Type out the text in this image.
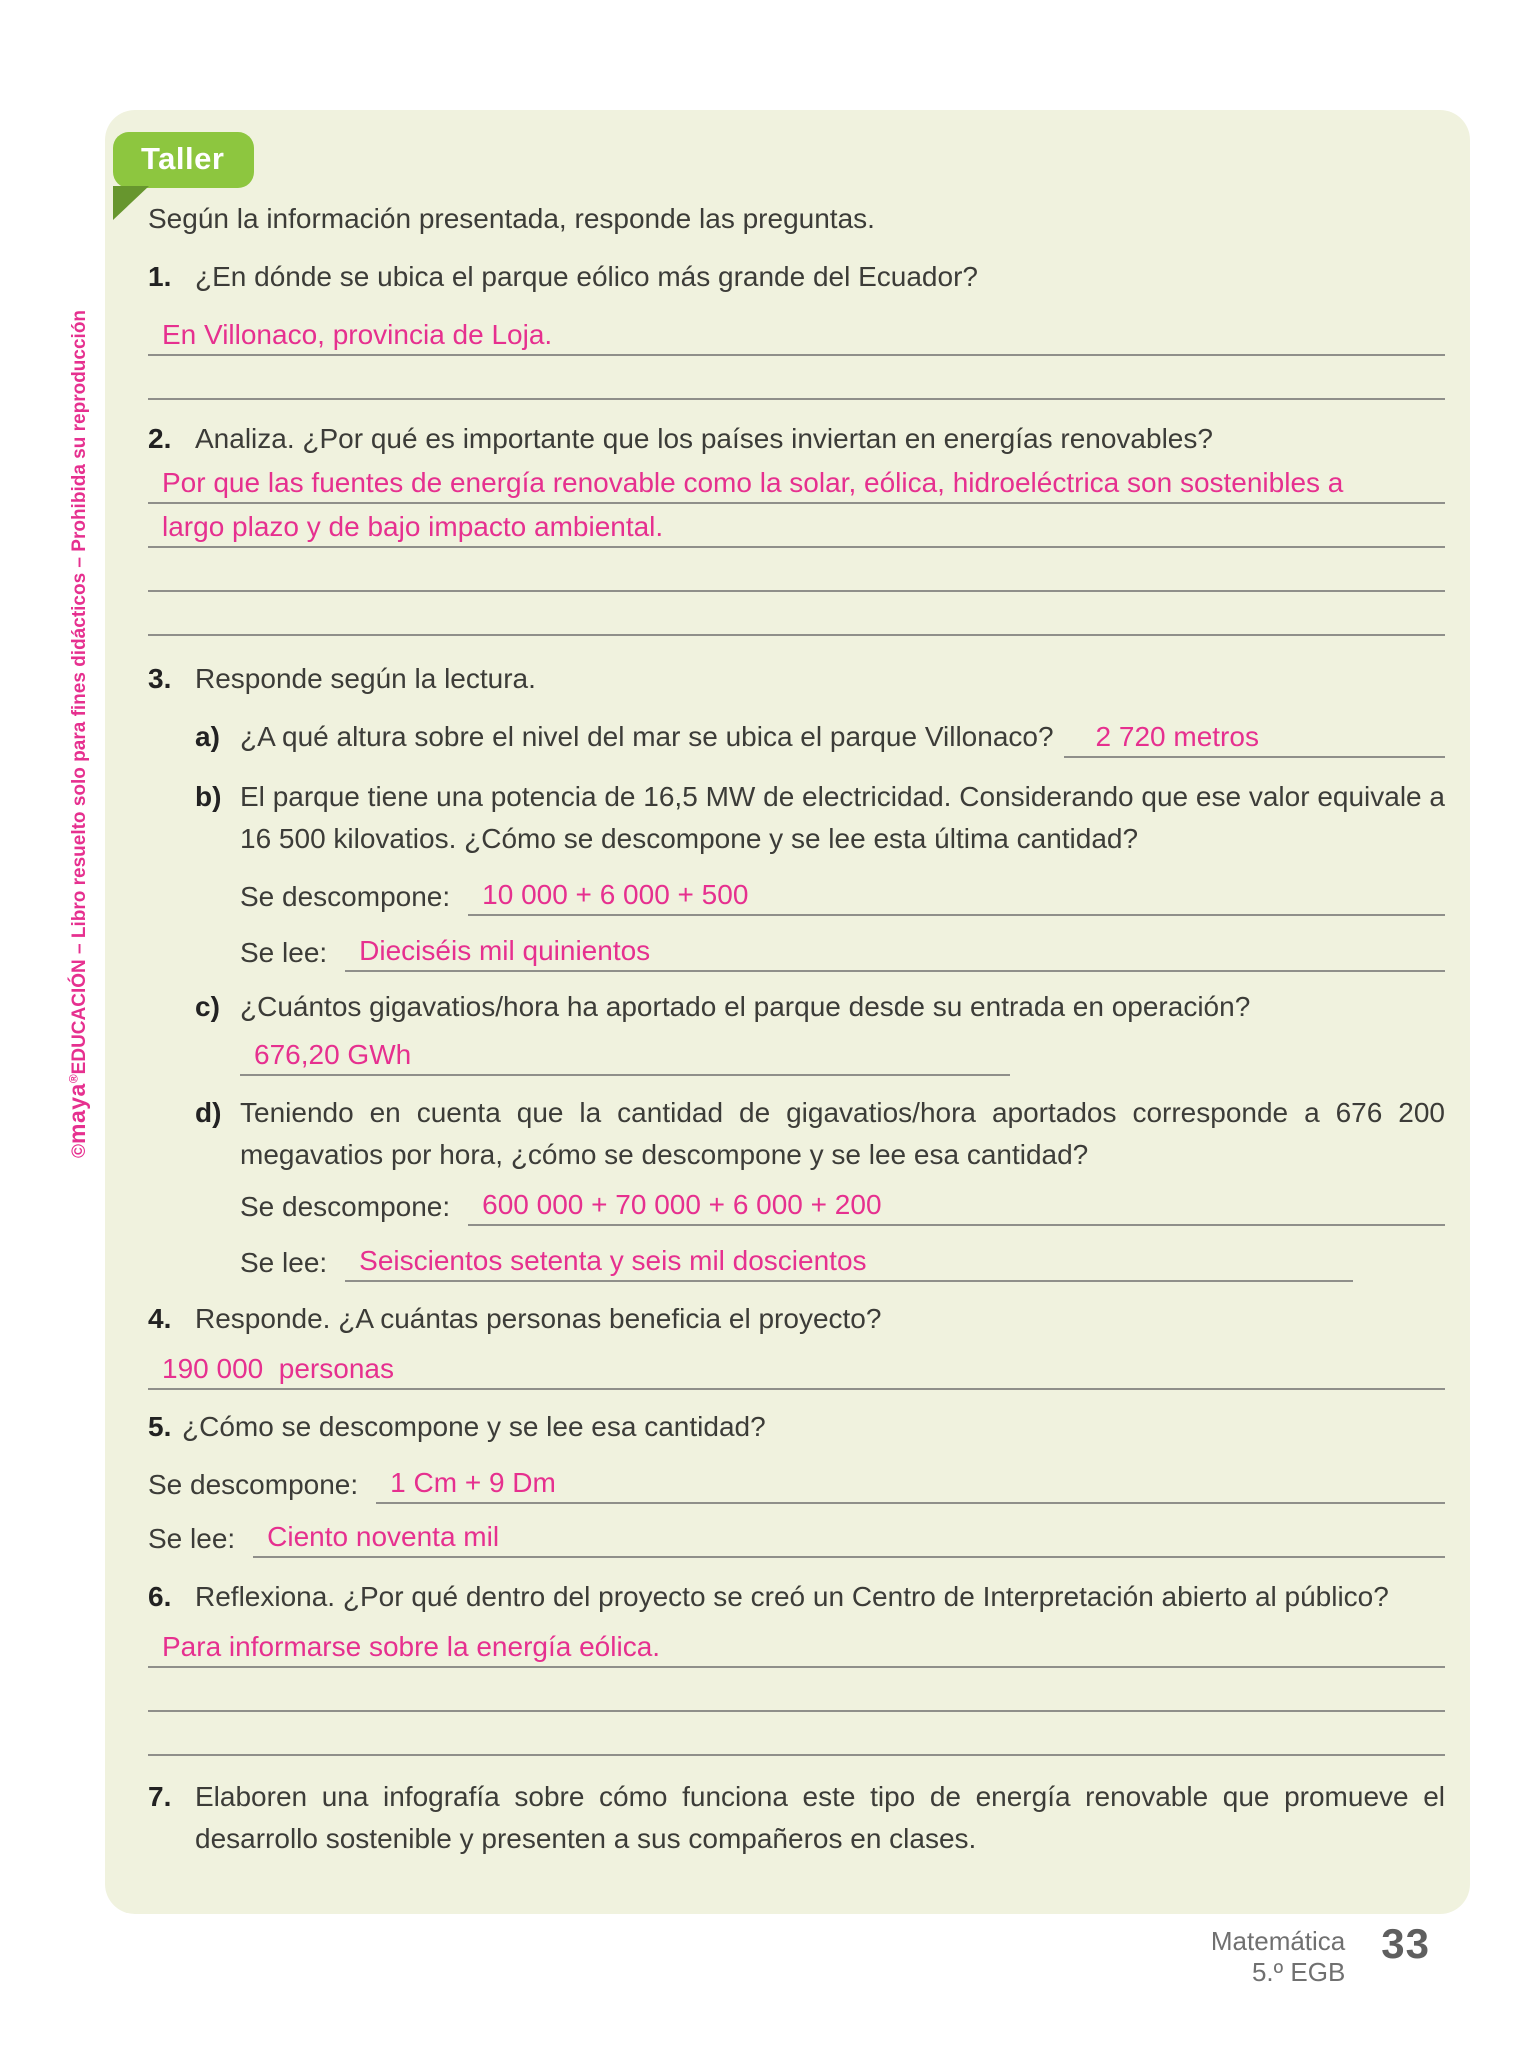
©maya®EDUCACIÓN – Libro resuelto solo para fines didácticos – Prohibida su reproducción
Taller
Según la información presentada, responde las preguntas.
1. ¿En dónde se ubica el parque eólico más grande del Ecuador?
En Villonaco, provincia de Loja.
2. Analiza. ¿Por qué es importante que los países inviertan en energías renovables?
Por que las fuentes de energía renovable como la solar, eólica, hidroeléctrica son sostenibles a
largo plazo y de bajo impacto ambiental.
3. Responde según la lectura.
a) ¿A qué altura sobre el nivel del mar se ubica el parque Villonaco? 2 720 metros
b) El parque tiene una potencia de 16,5 MW de electricidad. Considerando que ese valor equivale a 16 500 kilovatios. ¿Cómo se descompone y se lee esta última cantidad?
Se descompone:	10 000 + 6 000 + 500
Se lee:	Dieciséis mil quinientos
c) ¿Cuántos gigavatios/hora ha aportado el parque desde su entrada en operación?
676,20 GWh
d) Teniendo en cuenta que la cantidad de gigavatios/hora aportados corresponde a 676 200 megavatios por hora, ¿cómo se descompone y se lee esa cantidad?
Se descompone:	600 000 + 70 000 + 6 000 + 200
Se lee:	Seiscientos setenta y seis mil doscientos
4. Responde. ¿A cuántas personas beneficia el proyecto?
190 000  personas
5. ¿Cómo se descompone y se lee esa cantidad?
Se descompone:	1 Cm + 9 Dm
Se lee:	Ciento noventa mil
6. Reflexiona. ¿Por qué dentro del proyecto se creó un Centro de Interpretación abierto al público?
Para informarse sobre la energía eólica.
7. Elaboren una infografía sobre cómo funciona este tipo de energía renovable que promueve el desarrollo sostenible y presenten a sus compañeros en clases.
Matemática
5.º EGB
33
